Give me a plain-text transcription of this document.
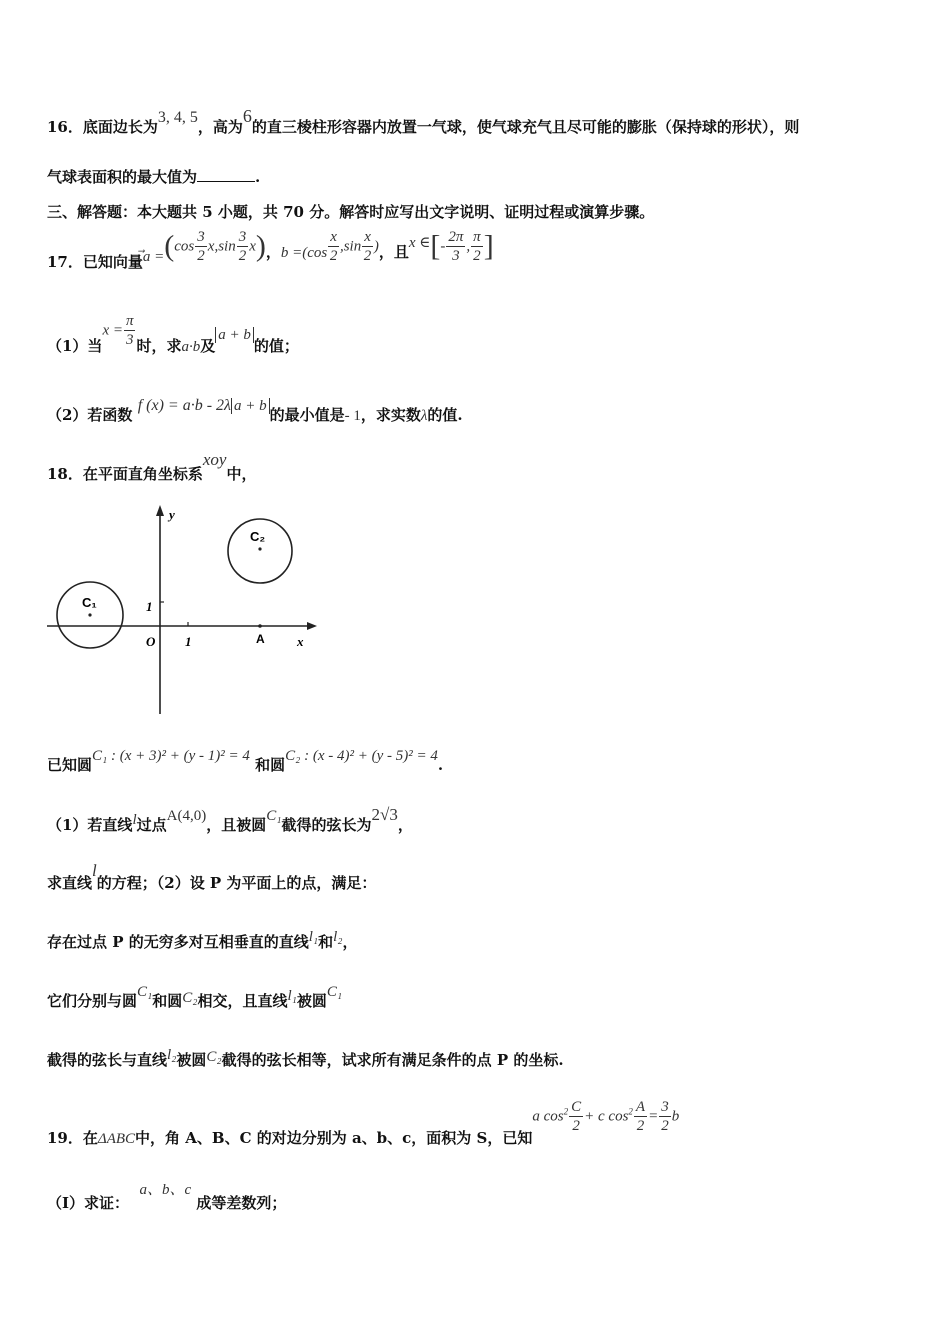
16．底面边长为3, 4, 5，高为6的直三棱柱形容器内放置一气球，使气球充气且尽可能的膨胀（保持球的形状），则
气球表面积的最大值为	.
三、解答题：本大题共 5 小题，共 70 分。解答时应写出文字说明、证明过程或演算步骤。
17．已知向量$a =(\cos \frac{3}{2} x,\sin \frac{3}{2} x)$，$b =(\cos \frac{x}{2} ,\sin \frac{x}{2}$ )，且x ∈[- $\frac{2\pi}{3}$ , $\frac{\pi}{2}$ ]
（1）当$x = \frac{\pi}{3}$ 时，求a·b及a + b的值；
（2）若函数 f (x) = a·b - 2λ a + b 的最小值是- 1，求实数λ的值.
18．在平面直角坐标系xoy中，
y
x
O 1
1
A
C₁
C₂
已知圆C₁ : (x + 3)² + (y - 1)² = 4 和圆C₂ : (x - 4)² + (y - 5)² = 4.
（1）若直线l过点A(4,0)，且被圆C₁截得的弦长为2√3，
求直线l的方程；（2）设 P 为平面上的点，满足：
存在过点 P 的无穷多对互相垂直的直线l₁和l₂，
它们分别与圆C₁和圆C₂相交，且直线l₁被圆C₁
截得的弦长与直线l₂被圆C₂截得的弦长相等，试求所有满足条件的点 P 的坐标.
19．在ΔABC中，角 A、B、C 的对边分别为 a、b、c，面积为 S，已知a $\cos^2 \frac{C}{2} + c$ $\cos^2 \frac{A}{2} = \frac{3}{2}$ b
（Ⅰ）求证：  a、b、c 成等差数列；
